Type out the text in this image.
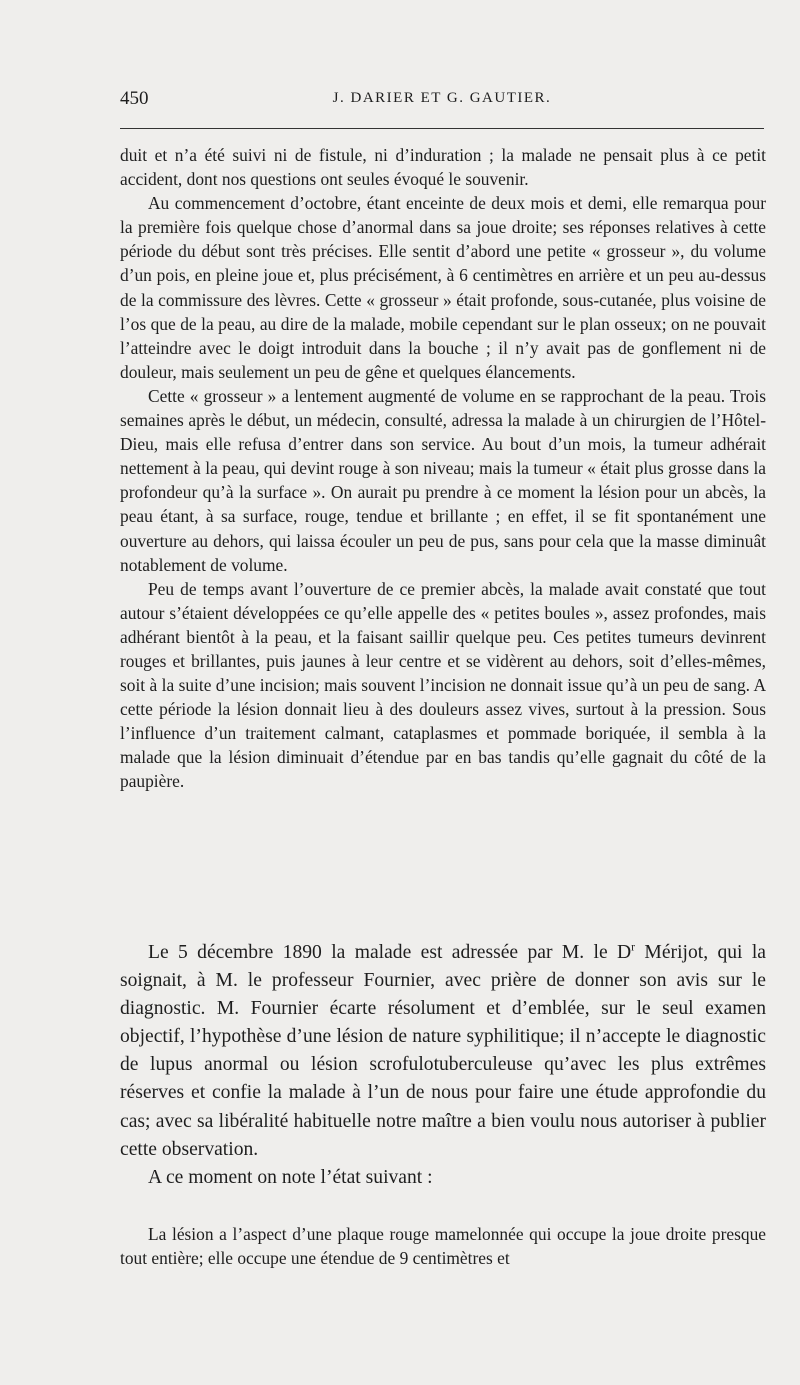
450	J. DARIER ET G. GAUTIER.

duit et n’a été suivi ni de fistule, ni d’induration ; la malade ne pensait plus à ce petit accident, dont nos questions ont seules évoqué le souvenir.

Au commencement d’octobre, étant enceinte de deux mois et demi, elle remarqua pour la première fois quelque chose d’anormal dans sa joue droite; ses réponses relatives à cette période du début sont très précises. Elle sentit d’abord une petite « grosseur », du volume d’un pois, en pleine joue et, plus précisément, à 6 centimètres en arrière et un peu au-dessus de la commissure des lèvres. Cette « grosseur » était profonde, sous-cutanée, plus voisine de l’os que de la peau, au dire de la malade, mobile cependant sur le plan osseux; on ne pouvait l’atteindre avec le doigt introduit dans la bouche ; il n’y avait pas de gonflement ni de douleur, mais seulement un peu de gêne et quelques élancements.

Cette « grosseur » a lentement augmenté de volume en se rapprochant de la peau. Trois semaines après le début, un médecin, consulté, adressa la malade à un chirurgien de l’Hôtel-Dieu, mais elle refusa d’entrer dans son service. Au bout d’un mois, la tumeur adhérait nettement à la peau, qui devint rouge à son niveau; mais la tumeur « était plus grosse dans la profondeur qu’à la surface ». On aurait pu prendre à ce moment la lésion pour un abcès, la peau étant, à sa surface, rouge, tendue et brillante ; en effet, il se fit spontanément une ouverture au dehors, qui laissa écouler un peu de pus, sans pour cela que la masse diminuât notablement de volume.

Peu de temps avant l’ouverture de ce premier abcès, la malade avait constaté que tout autour s’étaient développées ce qu’elle appelle des « petites boules », assez profondes, mais adhérant bientôt à la peau, et la faisant saillir quelque peu. Ces petites tumeurs devinrent rouges et brillantes, puis jaunes à leur centre et se vidèrent au dehors, soit d’elles-mêmes, soit à la suite d’une incision; mais souvent l’incision ne donnait issue qu’à un peu de sang. A cette période la lésion donnait lieu à des douleurs assez vives, surtout à la pression. Sous l’influence d’un traitement calmant, cataplasmes et pommade boriquée, il sembla à la malade que la lésion diminuait d’étendue par en bas tandis qu’elle gagnait du côté de la paupière.

Le 5 décembre 1890 la malade est adressée par M. le $D^r$ Mérijot, qui la soignait, à M. le professeur Fournier, avec prière de donner son avis sur le diagnostic. M. Fournier écarte résolument et d’emblée, sur le seul examen objectif, l’hypothèse d’une lésion de nature syphilitique; il n’accepte le diagnostic de lupus anormal ou lésion scrofulotuberculeuse qu’avec les plus extrêmes réserves et confie la malade à l’un de nous pour faire une étude approfondie du cas; avec sa libéralité habituelle notre maître a bien voulu nous autoriser à publier cette observation.

A ce moment on note l’état suivant :

La lésion a l’aspect d’une plaque rouge mamelonnée qui occupe la joue droite presque tout entière; elle occupe une étendue de 9 centimètres et
